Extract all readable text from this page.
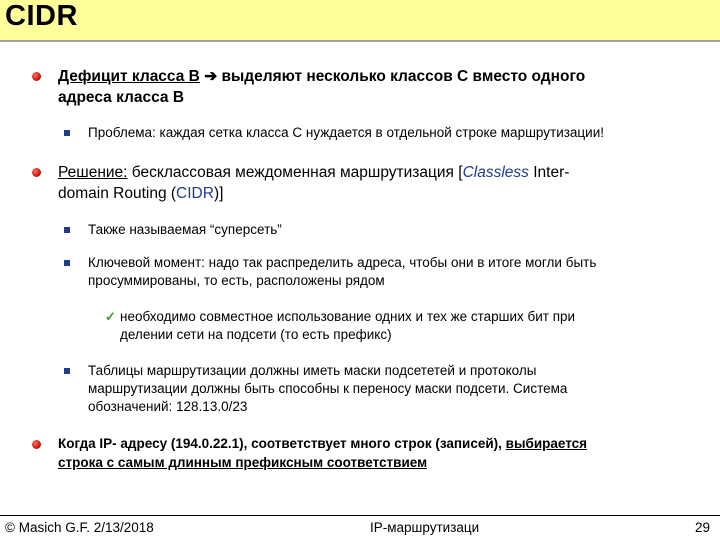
CIDR
Дефицит класса В ➔ выделяют несколько классов С вместо одного
адреса класса B
Проблема: каждая сетка класса С нуждается в отдельной строке маршрутизации!
Решение: бесклассовая междоменная маршрутизация [Classless Inter-
domain Routing (CIDR)]
Также называемая “суперсеть”
Ключевой момент: надо так распределить адреса, чтобы они в итоге могли быть
просуммированы, то есть, расположены рядом
✓ необходимо совместное использование одних и тех же старших бит при
делении сети на подсети (то есть префикс)
Таблицы маршрутизации должны иметь маски подсететей и протоколы
маршрутизации должны быть способны к переносу маски подсети. Система
обозначений: 128.13.0/23
Когда IP- адресу (194.0.22.1), соответствует много строк (записей), выбирается
строка с самым длинным префиксным соответствием
© Masich G.F. 2/13/2018	IP-маршрутизаци	29
